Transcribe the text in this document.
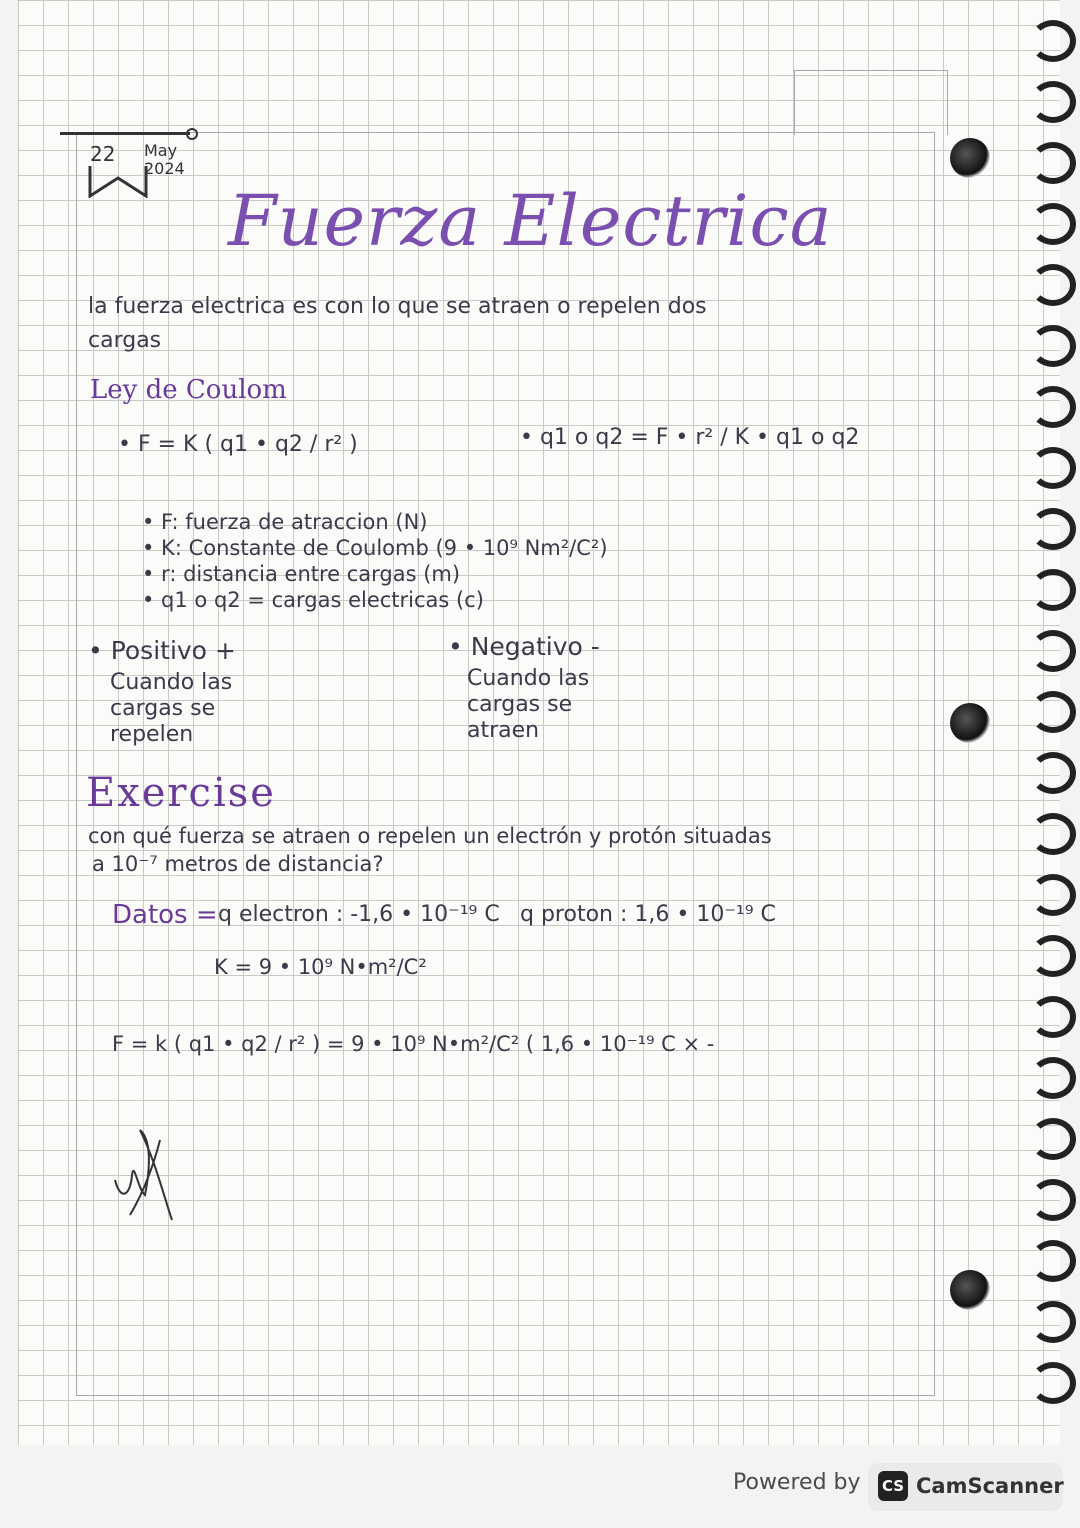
22 May
2024
Fuerza Electrica
la fuerza electrica es con lo que se atraen o repelen dos
cargas
Ley de Coulom
• F = K ( q1 • q2 / r² )	• q1 o q2 = F • r² / K • q1 o q2
• F: fuerza de atraccion (N)
• K: Constante de Coulomb (9 • 10⁹ Nm²/C²)
• r: distancia entre cargas (m)
• q1 o q2 = cargas electricas (c)
• Positivo +
Cuando las
cargas se
repelen
• Negativo -
Cuando las
cargas se
atraen
Exercise
con qué fuerza se atraen o repelen un electrón y protón situadas
a 10⁻⁷ metros de distancia?
Datos = q electron : -1,6 • 10⁻¹⁹ C q proton : 1,6 • 10⁻¹⁹ C
K = 9 • 10⁹ N•m²/C²
F = k ( q1 • q2 / r² ) = 9 • 10⁹ N•m²/C² ( 1,6 • 10⁻¹⁹ C × -
Powered by CS CamScanner
